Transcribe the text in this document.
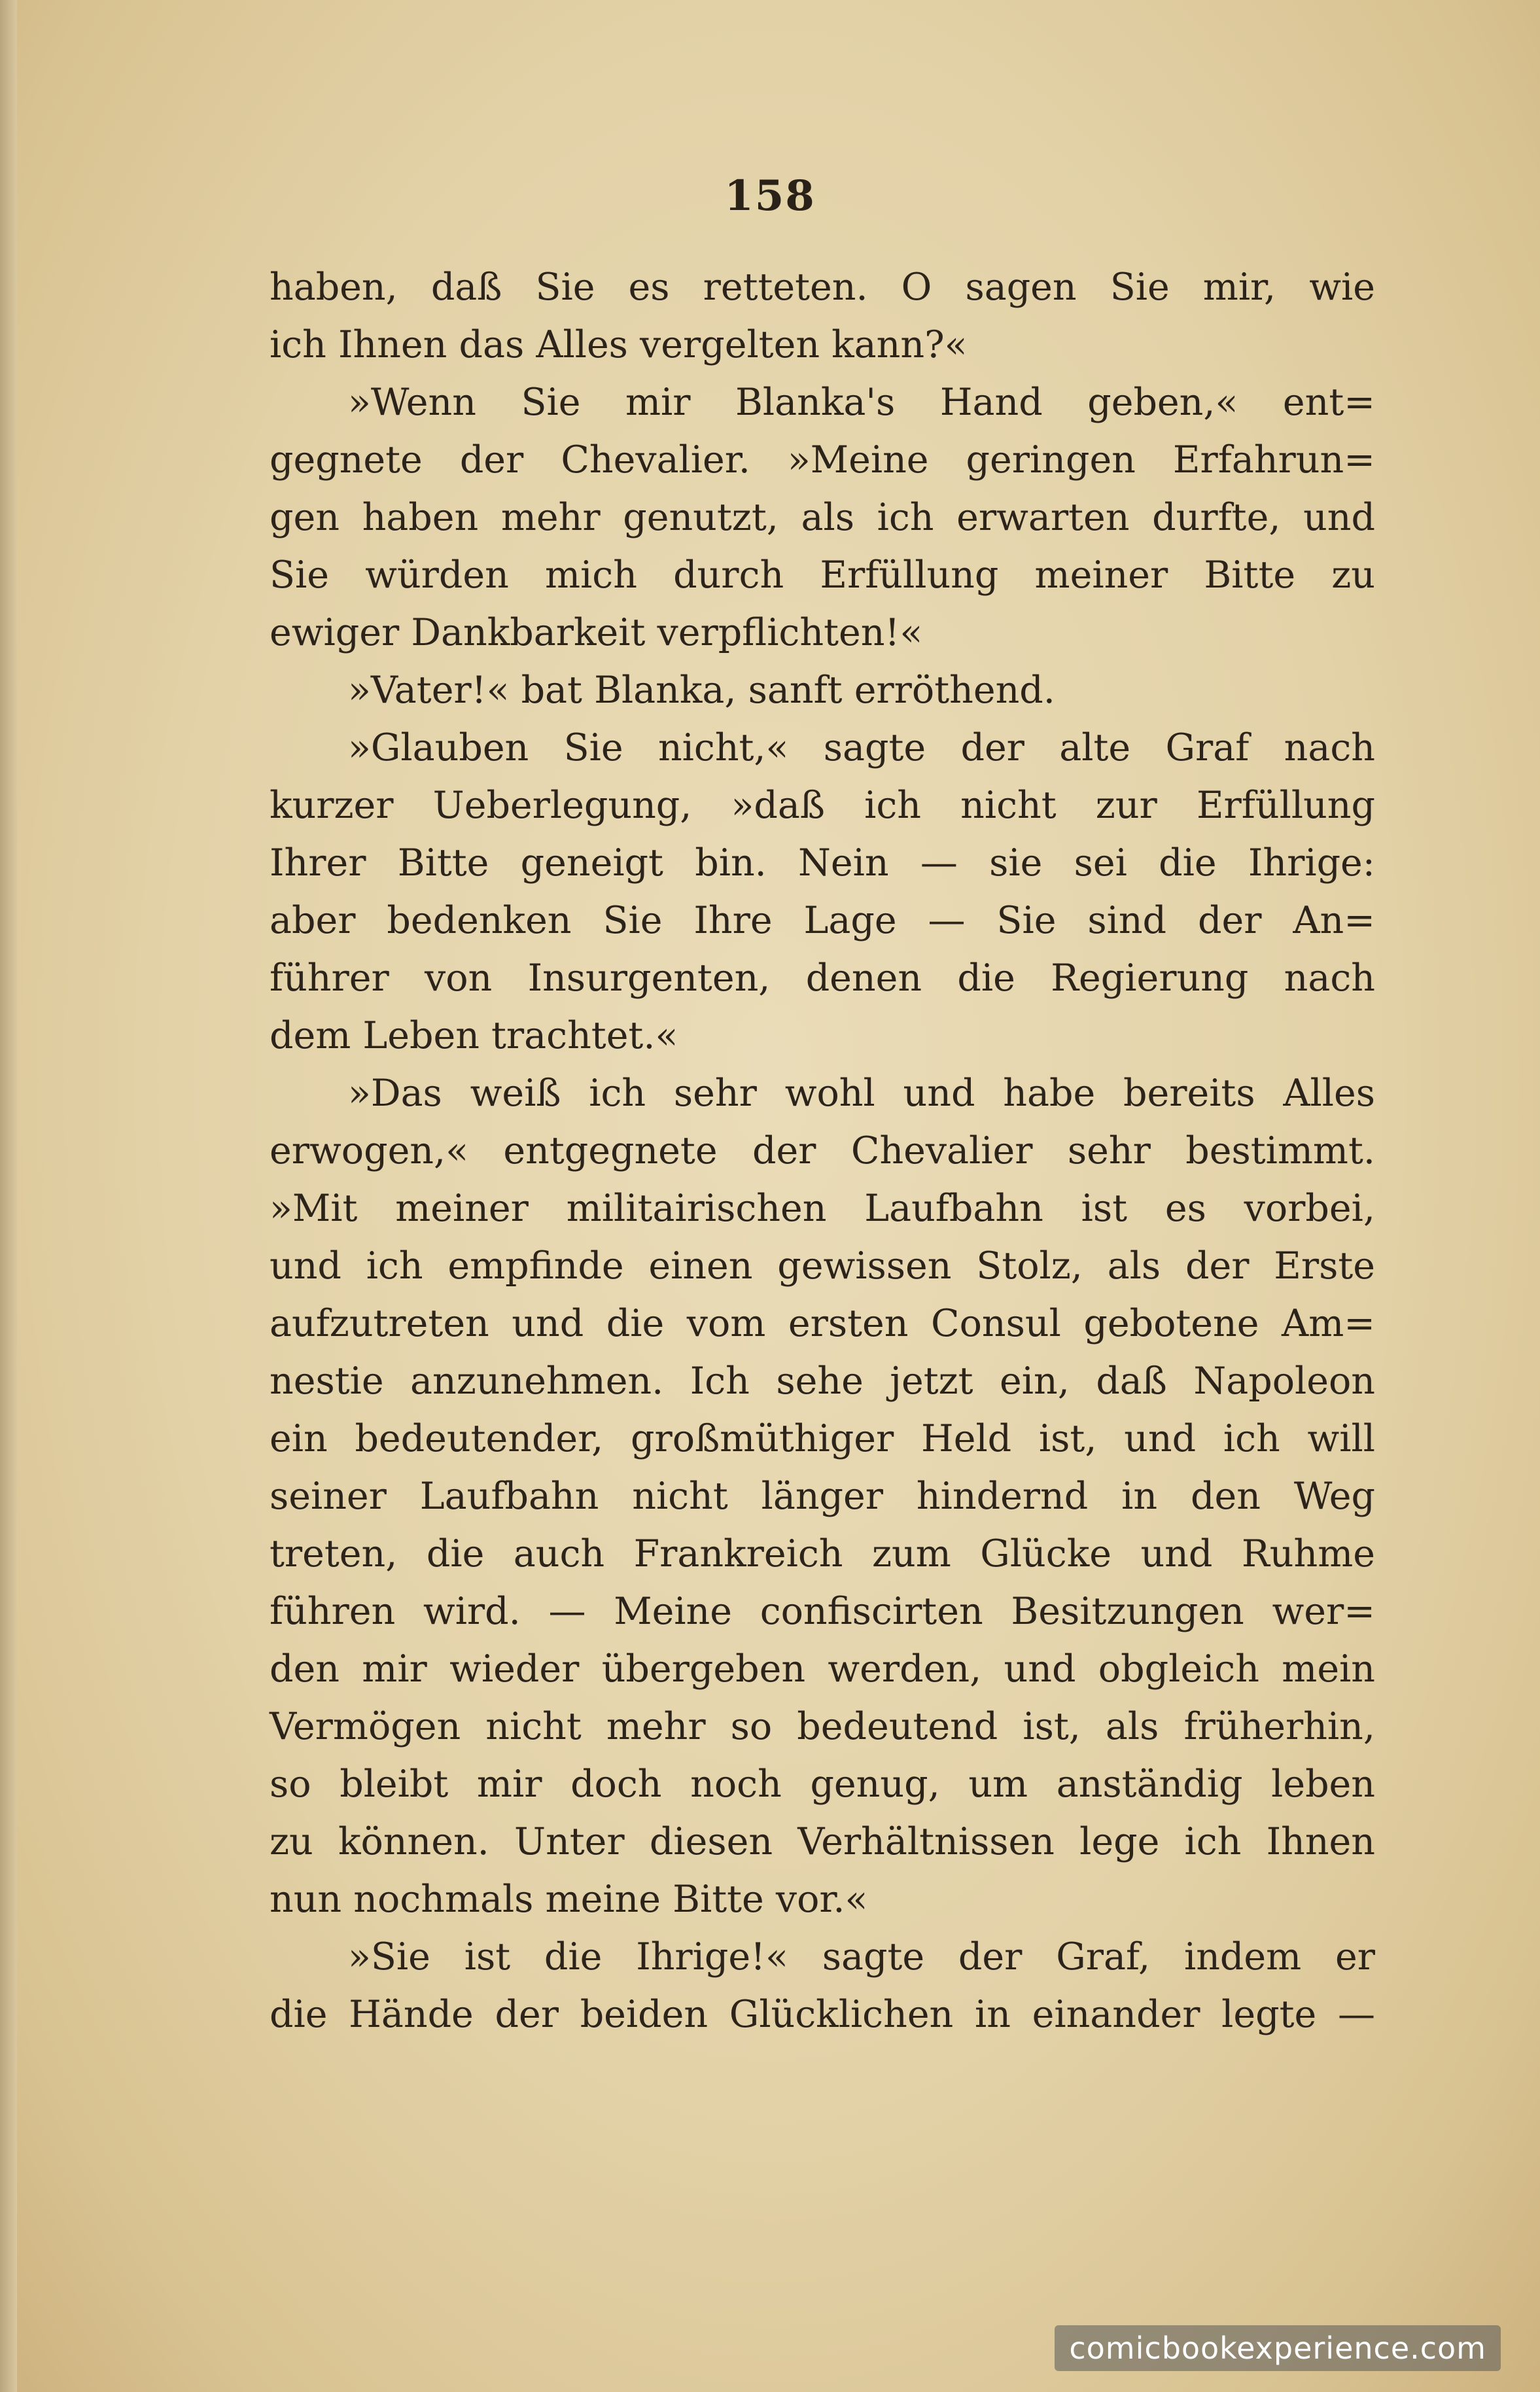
158
haben, daß Sie es retteten. O sagen Sie mir, wie
ich Ihnen das Alles vergelten kann?«
»Wenn Sie mir Blanka's Hand geben,« ent=
gegnete der Chevalier. »Meine geringen Erfahrun=
gen haben mehr genutzt, als ich erwarten durfte, und
Sie würden mich durch Erfüllung meiner Bitte zu
ewiger Dankbarkeit verpflichten!«
»Vater!« bat Blanka, sanft erröthend.
»Glauben Sie nicht,« sagte der alte Graf nach
kurzer Ueberlegung, »daß ich nicht zur Erfüllung
Ihrer Bitte geneigt bin. Nein — sie sei die Ihrige:
aber bedenken Sie Ihre Lage — Sie sind der An=
führer von Insurgenten, denen die Regierung nach
dem Leben trachtet.«
»Das weiß ich sehr wohl und habe bereits Alles
erwogen,« entgegnete der Chevalier sehr bestimmt.
»Mit meiner militairischen Laufbahn ist es vorbei,
und ich empfinde einen gewissen Stolz, als der Erste
aufzutreten und die vom ersten Consul gebotene Am=
nestie anzunehmen. Ich sehe jetzt ein, daß Napoleon
ein bedeutender, großmüthiger Held ist, und ich will
seiner Laufbahn nicht länger hindernd in den Weg
treten, die auch Frankreich zum Glücke und Ruhme
führen wird. — Meine confiscirten Besitzungen wer=
den mir wieder übergeben werden, und obgleich mein
Vermögen nicht mehr so bedeutend ist, als früherhin,
so bleibt mir doch noch genug, um anständig leben
zu können. Unter diesen Verhältnissen lege ich Ihnen
nun nochmals meine Bitte vor.«
»Sie ist die Ihrige!« sagte der Graf, indem er
die Hände der beiden Glücklichen in einander legte —
comicbookexperience.com
